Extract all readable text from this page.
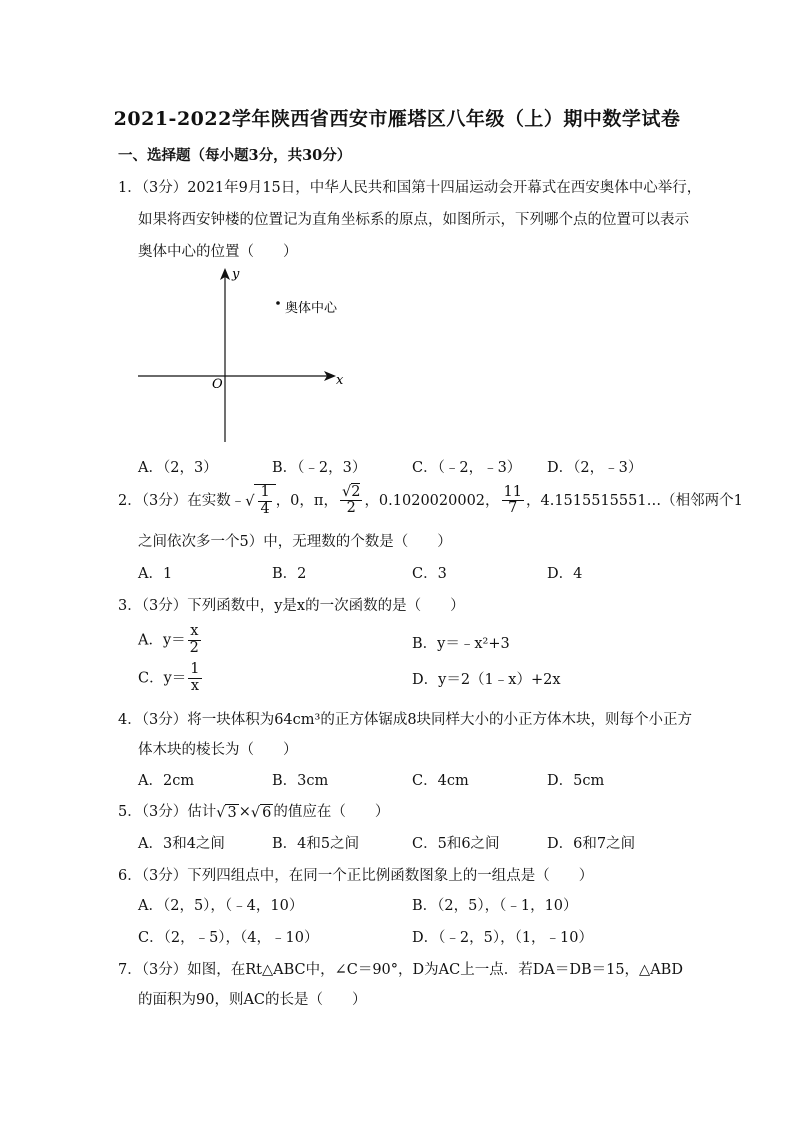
2021-2022学年陕西省西安市雁塔区八年级（上）期中数学试卷
一、选择题（每小题3分，共30分）
1．（3分）2021年9月15日，中华人民共和国第十四届运动会开幕式在西安奥体中心举行，
如果将西安钟楼的位置记为直角坐标系的原点，如图所示，下列哪个点的位置可以表示
奥体中心的位置（　　）
y
x
O
奥体中心
A．（2，3）	B．（﹣2，3）	C．（﹣2，﹣3） D．（2，﹣3）
2．（3分）在实数﹣√ $\frac{1}{4}$ ，0，π， $\frac{√2}{2}$ ，0.1020020002， $\frac{11}{7}$ ，4.1515515551…（相邻两个1
之间依次多一个5）中，无理数的个数是（　　）
A．1	B．2	C．3	D．4
3．（3分）下列函数中，y是x的一次函数的是（　　）
A．$y= \frac{x}{2}$	B．y＝﹣x²+3
C．$y= \frac{1}{x}$	D．y＝2（1﹣x）+2x
4．（3分）将一块体积为64cm³的正方体锯成8块同样大小的小正方体木块，则每个小正方
体木块的棱长为（　　）
A．2cm	B．3cm	C．4cm	D．5cm
5．（3分）估计√ 3 ×√ 6 的值应在（　　）
A．3和4之间	B．4和5之间	C．5和6之间	D．6和7之间
6．（3分）下列四组点中，在同一个正比例函数图象上的一组点是（　　）
A．（2，5），（﹣4，10）	B．（2，5），（﹣1，10）
C．（2，﹣5），（4，﹣10）	D．（﹣2，5），（1，﹣10）
7．（3分）如图，在Rt△ABC中，∠C＝90°，D为AC上一点．若DA＝DB＝15，△ABD
的面积为90，则AC的长是（　　）
